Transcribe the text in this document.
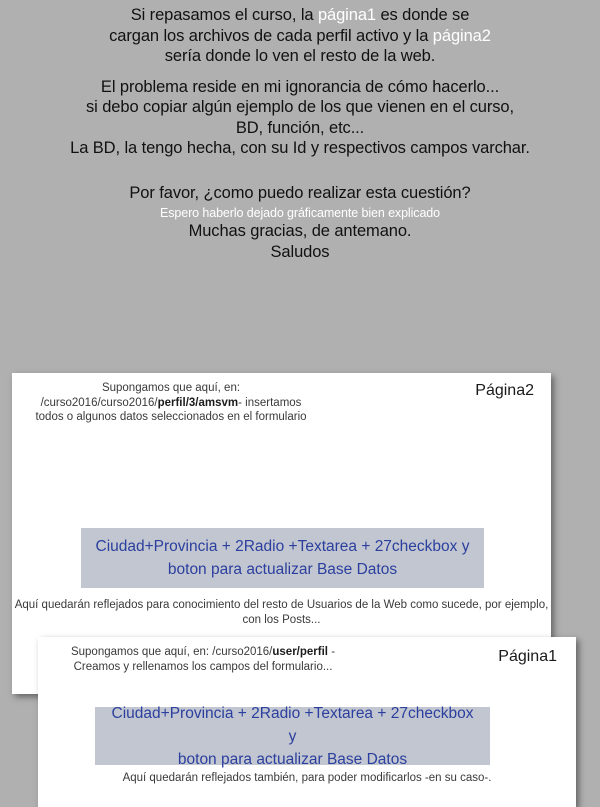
Si repasamos el curso, la página1 es donde se
cargan los archivos de cada perfil activo y la página2
sería donde lo ven el resto de la web.
El problema reside en mi ignorancia de cómo hacerlo...
si debo copiar algún ejemplo de los que vienen en el curso,
BD, función, etc...
La BD, la tengo hecha, con su Id y respectivos campos varchar.
Por favor, ¿como puedo realizar esta cuestión?
Espero haberlo dejado gráficamente bien explicado
Muchas gracias, de antemano.
Saludos
Supongamos que aquí, en: /curso2016/curso2016/perfil/3/amsvm- insertamos todos o algunos datos seleccionados en el formulario
Página2
Ciudad+Provincia + 2Radio +Textarea + 27checkbox y
boton para actualizar Base Datos
Aquí quedarán reflejados para conocimiento del resto de Usuarios de la Web como sucede, por ejemplo, con los Posts...
Supongamos que aquí, en: /curso2016/user/perfil - Creamos y rellenamos los campos del formulario...
Página1
Ciudad+Provincia + 2Radio +Textarea + 27checkbox y
boton para actualizar Base Datos
Aquí quedarán reflejados también, para poder modificarlos -en su caso-.
